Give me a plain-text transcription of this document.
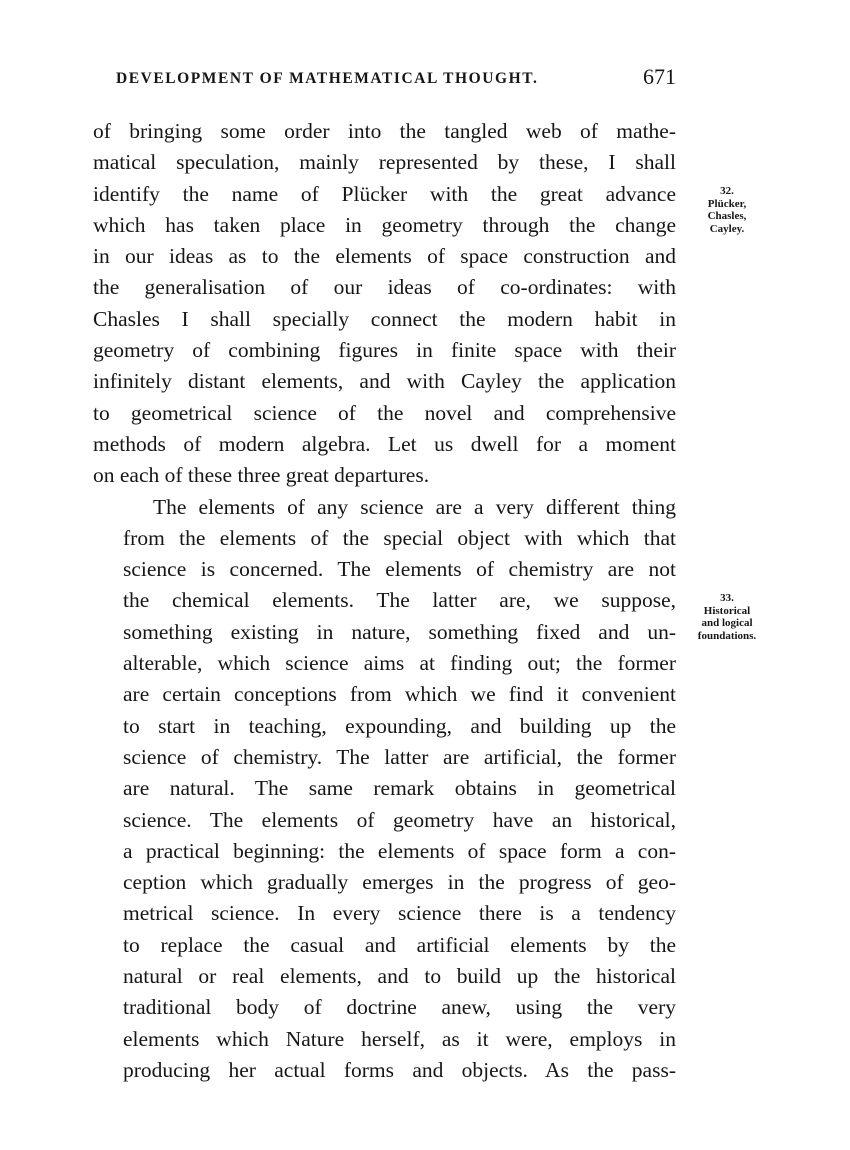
DEVELOPMENT OF MATHEMATICAL THOUGHT.	671
of bringing some order into the tangled web of mathe-
matical speculation, mainly represented by these, I shall
identify the name of Plücker with the great advance
which has taken place in geometry through the change
in our ideas as to the elements of space construction and
the generalisation of our ideas of co-ordinates: with
Chasles I shall specially connect the modern habit in
geometry of combining figures in finite space with their
infinitely distant elements, and with Cayley the application
to geometrical science of the novel and comprehensive
methods of modern algebra. Let us dwell for a moment
on each of these three great departures.
The elements of any science are a very different thing
from the elements of the special object with which that
science is concerned. The elements of chemistry are not
the chemical elements. The latter are, we suppose,
something existing in nature, something fixed and un-
alterable, which science aims at finding out; the former
are certain conceptions from which we find it convenient
to start in teaching, expounding, and building up the
science of chemistry. The latter are artificial, the former
are natural. The same remark obtains in geometrical
science. The elements of geometry have an historical,
a practical beginning: the elements of space form a con-
ception which gradually emerges in the progress of geo-
metrical science. In every science there is a tendency
to replace the casual and artificial elements by the
natural or real elements, and to build up the historical
traditional body of doctrine anew, using the very
elements which Nature herself, as it were, employs in
producing her actual forms and objects. As the pass-
32.
Plücker,
Chasles,
Cayley.
33.
Historical
and logical
foundations.
